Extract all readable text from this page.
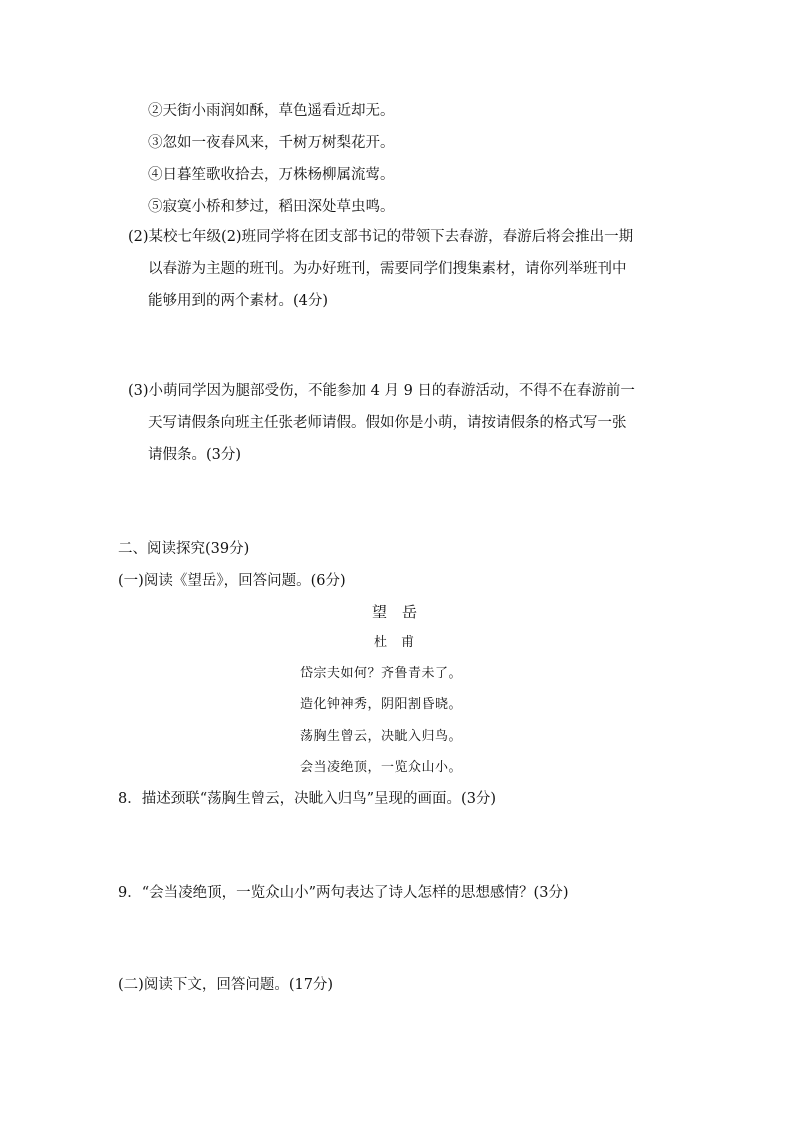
②天街小雨润如酥，草色遥看近却无。
③忽如一夜春风来，千树万树梨花开。
④日暮笙歌收拾去，万株杨柳属流莺。
⑤寂寞小桥和梦过，稻田深处草虫鸣。
(2)某校七年级(2)班同学将在团支部书记的带领下去春游，春游后将会推出一期
以春游为主题的班刊。为办好班刊，需要同学们搜集素材，请你列举班刊中
能够用到的两个素材。(4分)
(3)小萌同学因为腿部受伤，不能参加 4 月 9 日的春游活动，不得不在春游前一
天写请假条向班主任张老师请假。假如你是小萌，请按请假条的格式写一张
请假条。(3分)
二、阅读探究(39分)
(一)阅读《望岳》，回答问题。(6分)
望　岳
杜　甫
岱宗夫如何？齐鲁青未了。
造化钟神秀，阴阳割昏晓。
荡胸生曾云，决眦入归鸟。
会当凌绝顶，一览众山小。
8．描述颈联“荡胸生曾云，决眦入归鸟”呈现的画面。(3分)
9．“会当凌绝顶，一览众山小”两句表达了诗人怎样的思想感情？(3分)
(二)阅读下文，回答问题。(17分)
